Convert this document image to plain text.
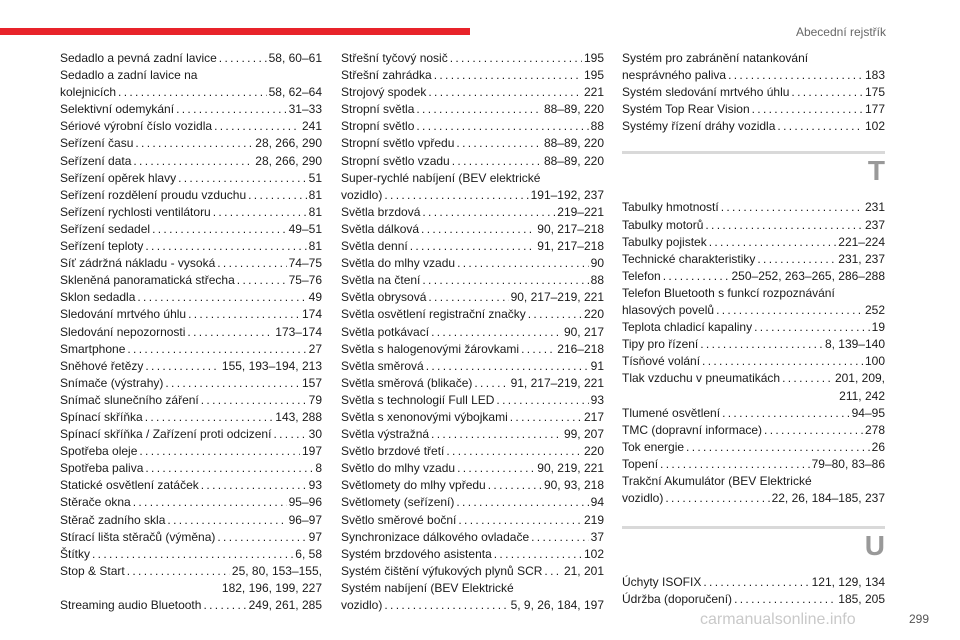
Abecední rejstřík
Sedadlo a pevná zadní lavice . . .	58, 60–61
Sedadlo a zadní lavice na
kolejnicích . . .	58, 62–64
Selektivní odemykání . . .	31–33
Sériové výrobní číslo vozidla . . .	241
Seřízení času . . .	28, 266, 290
Seřízení data . . .	28, 266, 290
Seřízení opěrek hlavy . . .	51
Seřízení rozdělení proudu vzduchu . . .	81
Seřízení rychlosti ventilátoru . . .	81
Seřízení sedadel . . .	49–51
Seřízení teploty . . .	81
Síť zádržná nákladu - vysoká . . .	74–75
Skleněná panoramatická střecha . . .	75–76
Sklon sedadla . . .	49
Sledování mrtvého úhlu . . .	174
Sledování nepozornosti . . .	173–174
Smartphone . . .	27
Sněhové řetězy . . .	155, 193–194, 213
Snímače (výstrahy) . . .	157
Snímač slunečního záření . . .	79
Spínací skříňka . . .	143, 288
Spínací skříňka / Zařízení proti odcizení . . .	30
Spotřeba oleje . . .	197
Spotřeba paliva . . .	8
Statické osvětlení zatáček . . .	93
Stěrače okna . . .	95–96
Stěrač zadního skla . . .	96–97
Stírací lišta stěračů (výměna) . . .	97
Štítky . . .	6, 58
Stop & Start . . .	25, 80, 153–155,
182, 196, 199, 227
Streaming audio Bluetooth . . .	249, 261, 285
Střešní tyčový nosič . . .	195
Střešní zahrádka . . .	195
Strojový spodek . . .	221
Stropní světla . . .	88–89, 220
Stropní světlo . . .	88
Stropní světlo vpředu . . .	88–89, 220
Stropní světlo vzadu . . .	88–89, 220
Super-rychlé nabíjení (BEV elektrické
vozidlo) . . .	191–192, 237
Světla brzdová . . .	219–221
Světla dálková . . .	90, 217–218
Světla denní . . .	91, 217–218
Světla do mlhy vzadu . . .	90
Světla na čtení . . .	88
Světla obrysová . . .	90, 217–219, 221
Světla osvětlení registrační značky . . .	220
Světla potkávací . . .	90, 217
Světla s halogenovými žárovkami . . .	216–218
Světla směrová . . .	91
Světla směrová (blikače) . . .	91, 217–219, 221
Světla s technologií Full LED . . .	93
Světla s xenonovými výbojkami . . .	217
Světla výstražná . . .	99, 207
Světlo brzdové třetí . . .	220
Světlo do mlhy vzadu . . .	90, 219, 221
Světlomety do mlhy vpředu . . .	90, 93, 218
Světlomety (seřízení) . . .	94
Světlo směrové boční . . .	219
Synchronizace dálkového ovladače . . .	37
Systém brzdového asistenta . . .	102
Systém čištění výfukových plynů SCR . . . 21, 201
Systém nabíjení (BEV Elektrické
vozidlo) . . .	5, 9, 26, 184, 197
Systém pro zabránění natankování
nesprávného paliva . . .	183
Systém sledování mrtvého úhlu . . .	175
Systém Top Rear Vision . . .	177
Systémy řízení dráhy vozidla . . .	102
T
Tabulky hmotností . . .	231
Tabulky motorů . . .	237
Tabulky pojistek . . .	221–224
Technické charakteristiky . . .	231, 237
Telefon . . .	250–252, 263–265, 286–288
Telefon Bluetooth s funkcí rozpoznávání
hlasových povelů . . .	252
Teplota chladicí kapaliny . . .	19
Tipy pro řízení . . .	8, 139–140
Tísňové volání . . .	100
Tlak vzduchu v pneumatikách . . .	201, 209,
211, 242
Tlumené osvětlení . . .	94–95
TMC (dopravní informace) . . .	278
Tok energie . . .	26
Topení . . .	79–80, 83–86
Trakční Akumulátor (BEV Elektrické
vozidlo) . . .	22, 26, 184–185, 237
U
Úchyty ISOFIX . . .	121, 129, 134
Údržba (doporučení) . . .	185, 205
carmanualsonline.info	299
